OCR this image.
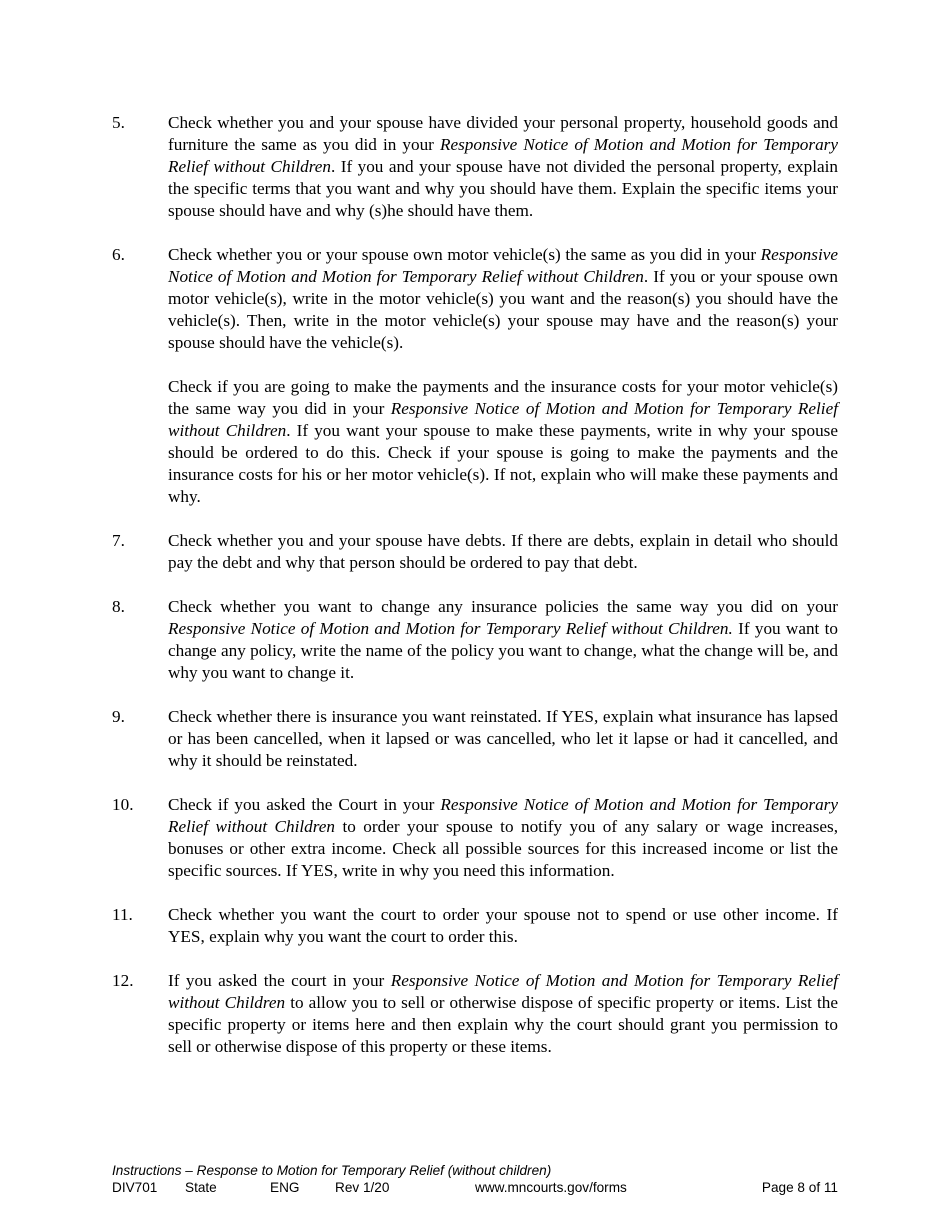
5.	Check whether you and your spouse have divided your personal property, household goods and furniture the same as you did in your Responsive Notice of Motion and Motion for Temporary Relief without Children. If you and your spouse have not divided the personal property, explain the specific terms that you want and why you should have them. Explain the specific items your spouse should have and why (s)he should have them.

6.	Check whether you or your spouse own motor vehicle(s) the same as you did in your Responsive Notice of Motion and Motion for Temporary Relief without Children. If you or your spouse own motor vehicle(s), write in the motor vehicle(s) you want and the reason(s) you should have the vehicle(s). Then, write in the motor vehicle(s) your spouse may have and the reason(s) your spouse should have the vehicle(s).

Check if you are going to make the payments and the insurance costs for your motor vehicle(s) the same way you did in your Responsive Notice of Motion and Motion for Temporary Relief without Children. If you want your spouse to make these payments, write in why your spouse should be ordered to do this. Check if your spouse is going to make the payments and the insurance costs for his or her motor vehicle(s). If not, explain who will make these payments and why.

7.	Check whether you and your spouse have debts. If there are debts, explain in detail who should pay the debt and why that person should be ordered to pay that debt.

8.	Check whether you want to change any insurance policies the same way you did on your Responsive Notice of Motion and Motion for Temporary Relief without Children. If you want to change any policy, write the name of the policy you want to change, what the change will be, and why you want to change it.

9.	Check whether there is insurance you want reinstated. If YES, explain what insurance has lapsed or has been cancelled, when it lapsed or was cancelled, who let it lapse or had it cancelled, and why it should be reinstated.

10.	Check if you asked the Court in your Responsive Notice of Motion and Motion for Temporary Relief without Children to order your spouse to notify you of any salary or wage increases, bonuses or other extra income. Check all possible sources for this increased income or list the specific sources. If YES, write in why you need this information.

11.	Check whether you want the court to order your spouse not to spend or use other income. If YES, explain why you want the court to order this.

12.	If you asked the court in your Responsive Notice of Motion and Motion for Temporary Relief without Children to allow you to sell or otherwise dispose of specific property or items. List the specific property or items here and then explain why the court should grant you permission to sell or otherwise dispose of this property or these items.

Instructions – Response to Motion for Temporary Relief (without children)
DIV701 State	ENG	Rev 1/20	www.mncourts.gov/forms	Page 8 of 11
